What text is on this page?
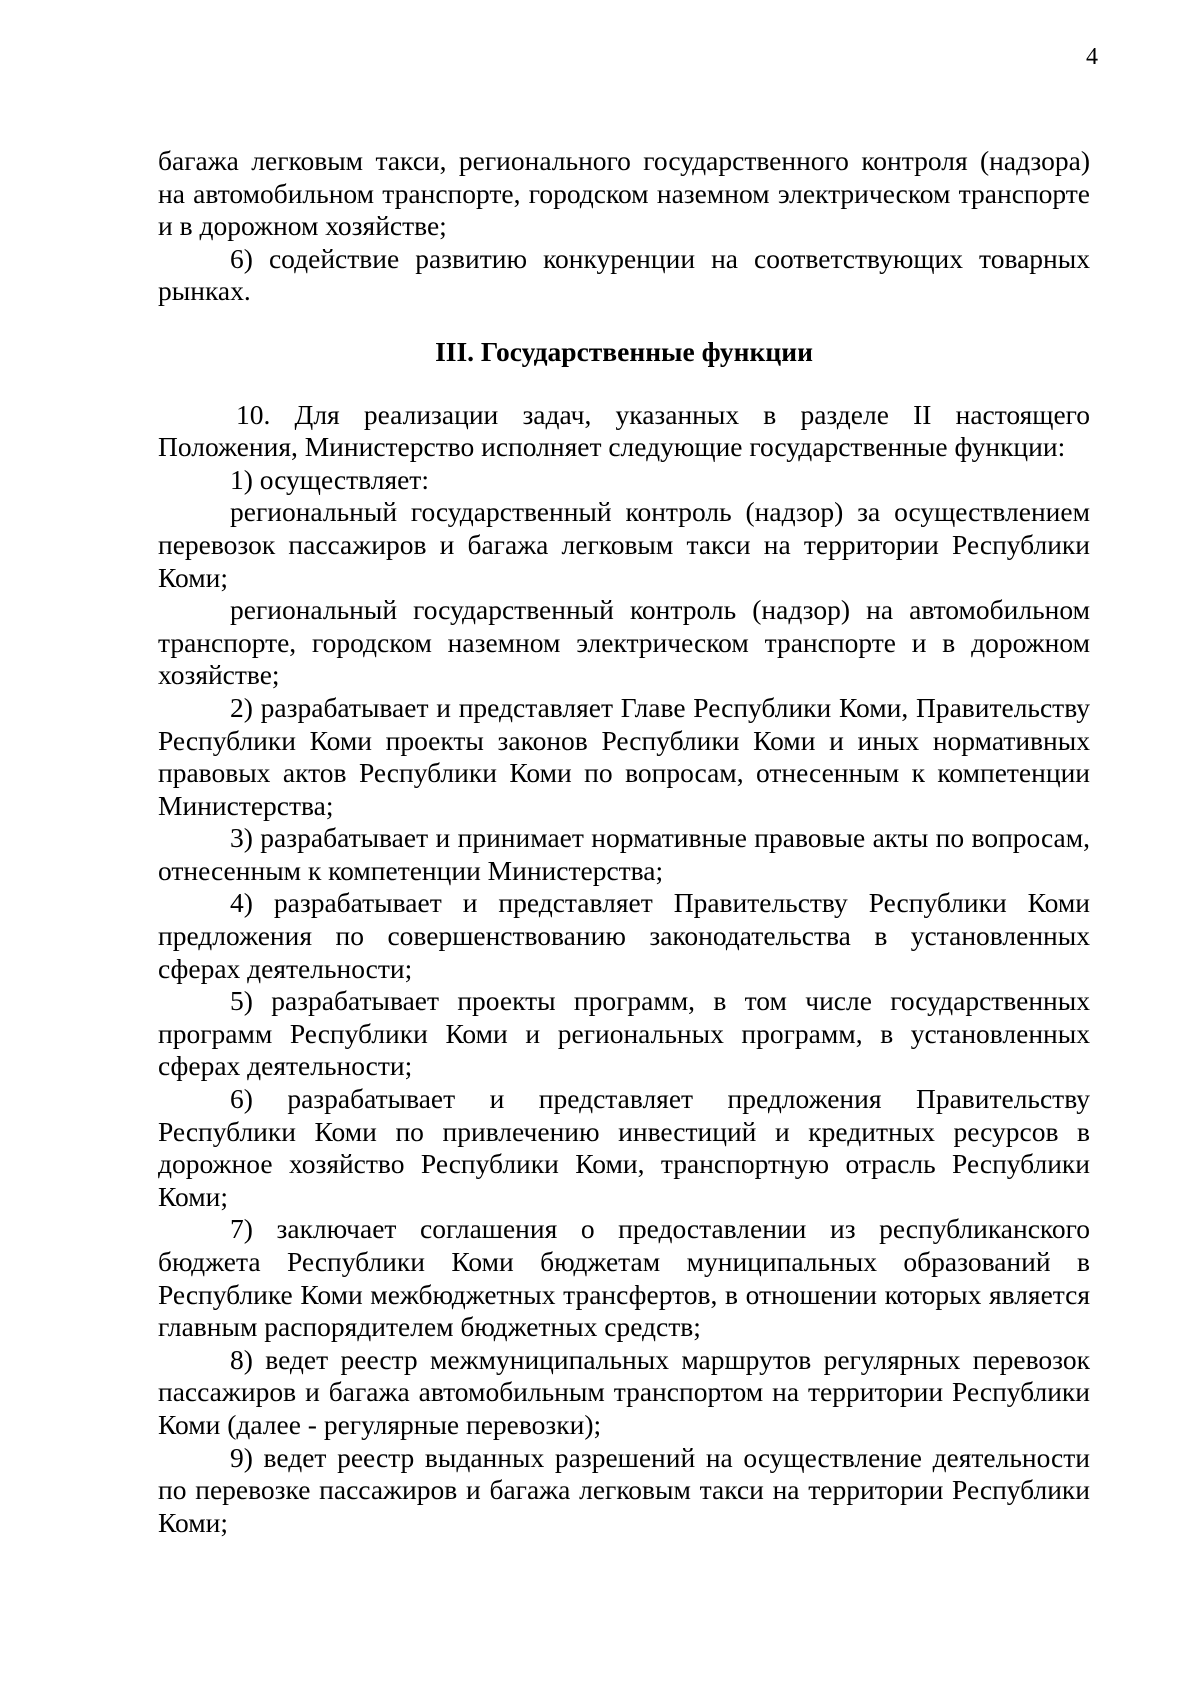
4

багажа легковым такси, регионального государственного контроля (надзора) на автомобильном транспорте, городском наземном электрическом транспорте и в дорожном хозяйстве;

6) содействие развитию конкуренции на соответствующих товарных рынках.

III. Государственные функции

10. Для реализации задач, указанных в разделе II настоящего Положения, Министерство исполняет следующие государственные функции:

1) осуществляет:

региональный государственный контроль (надзор) за осуществлением перевозок пассажиров и багажа легковым такси на территории Республики Коми;

региональный государственный контроль (надзор) на автомобильном транспорте, городском наземном электрическом транспорте и в дорожном хозяйстве;

2) разрабатывает и представляет Главе Республики Коми, Правительству Республики Коми проекты законов Республики Коми и иных нормативных правовых актов Республики Коми по вопросам, отнесенным к компетенции Министерства;

3) разрабатывает и принимает нормативные правовые акты по вопросам, отнесенным к компетенции Министерства;

4) разрабатывает и представляет Правительству Республики Коми предложения по совершенствованию законодательства в установленных сферах деятельности;

5) разрабатывает проекты программ, в том числе государственных программ Республики Коми и региональных программ, в установленных сферах деятельности;

6) разрабатывает и представляет предложения Правительству Республики Коми по привлечению инвестиций и кредитных ресурсов в дорожное хозяйство Республики Коми, транспортную отрасль Республики Коми;

7) заключает соглашения о предоставлении из республиканского бюджета Республики Коми бюджетам муниципальных образований в Республике Коми межбюджетных трансфертов, в отношении которых является главным распорядителем бюджетных средств;

8) ведет реестр межмуниципальных маршрутов регулярных перевозок пассажиров и багажа автомобильным транспортом на территории Республики Коми (далее - регулярные перевозки);

9) ведет реестр выданных разрешений на осуществление деятельности по перевозке пассажиров и багажа легковым такси на территории Республики Коми;
